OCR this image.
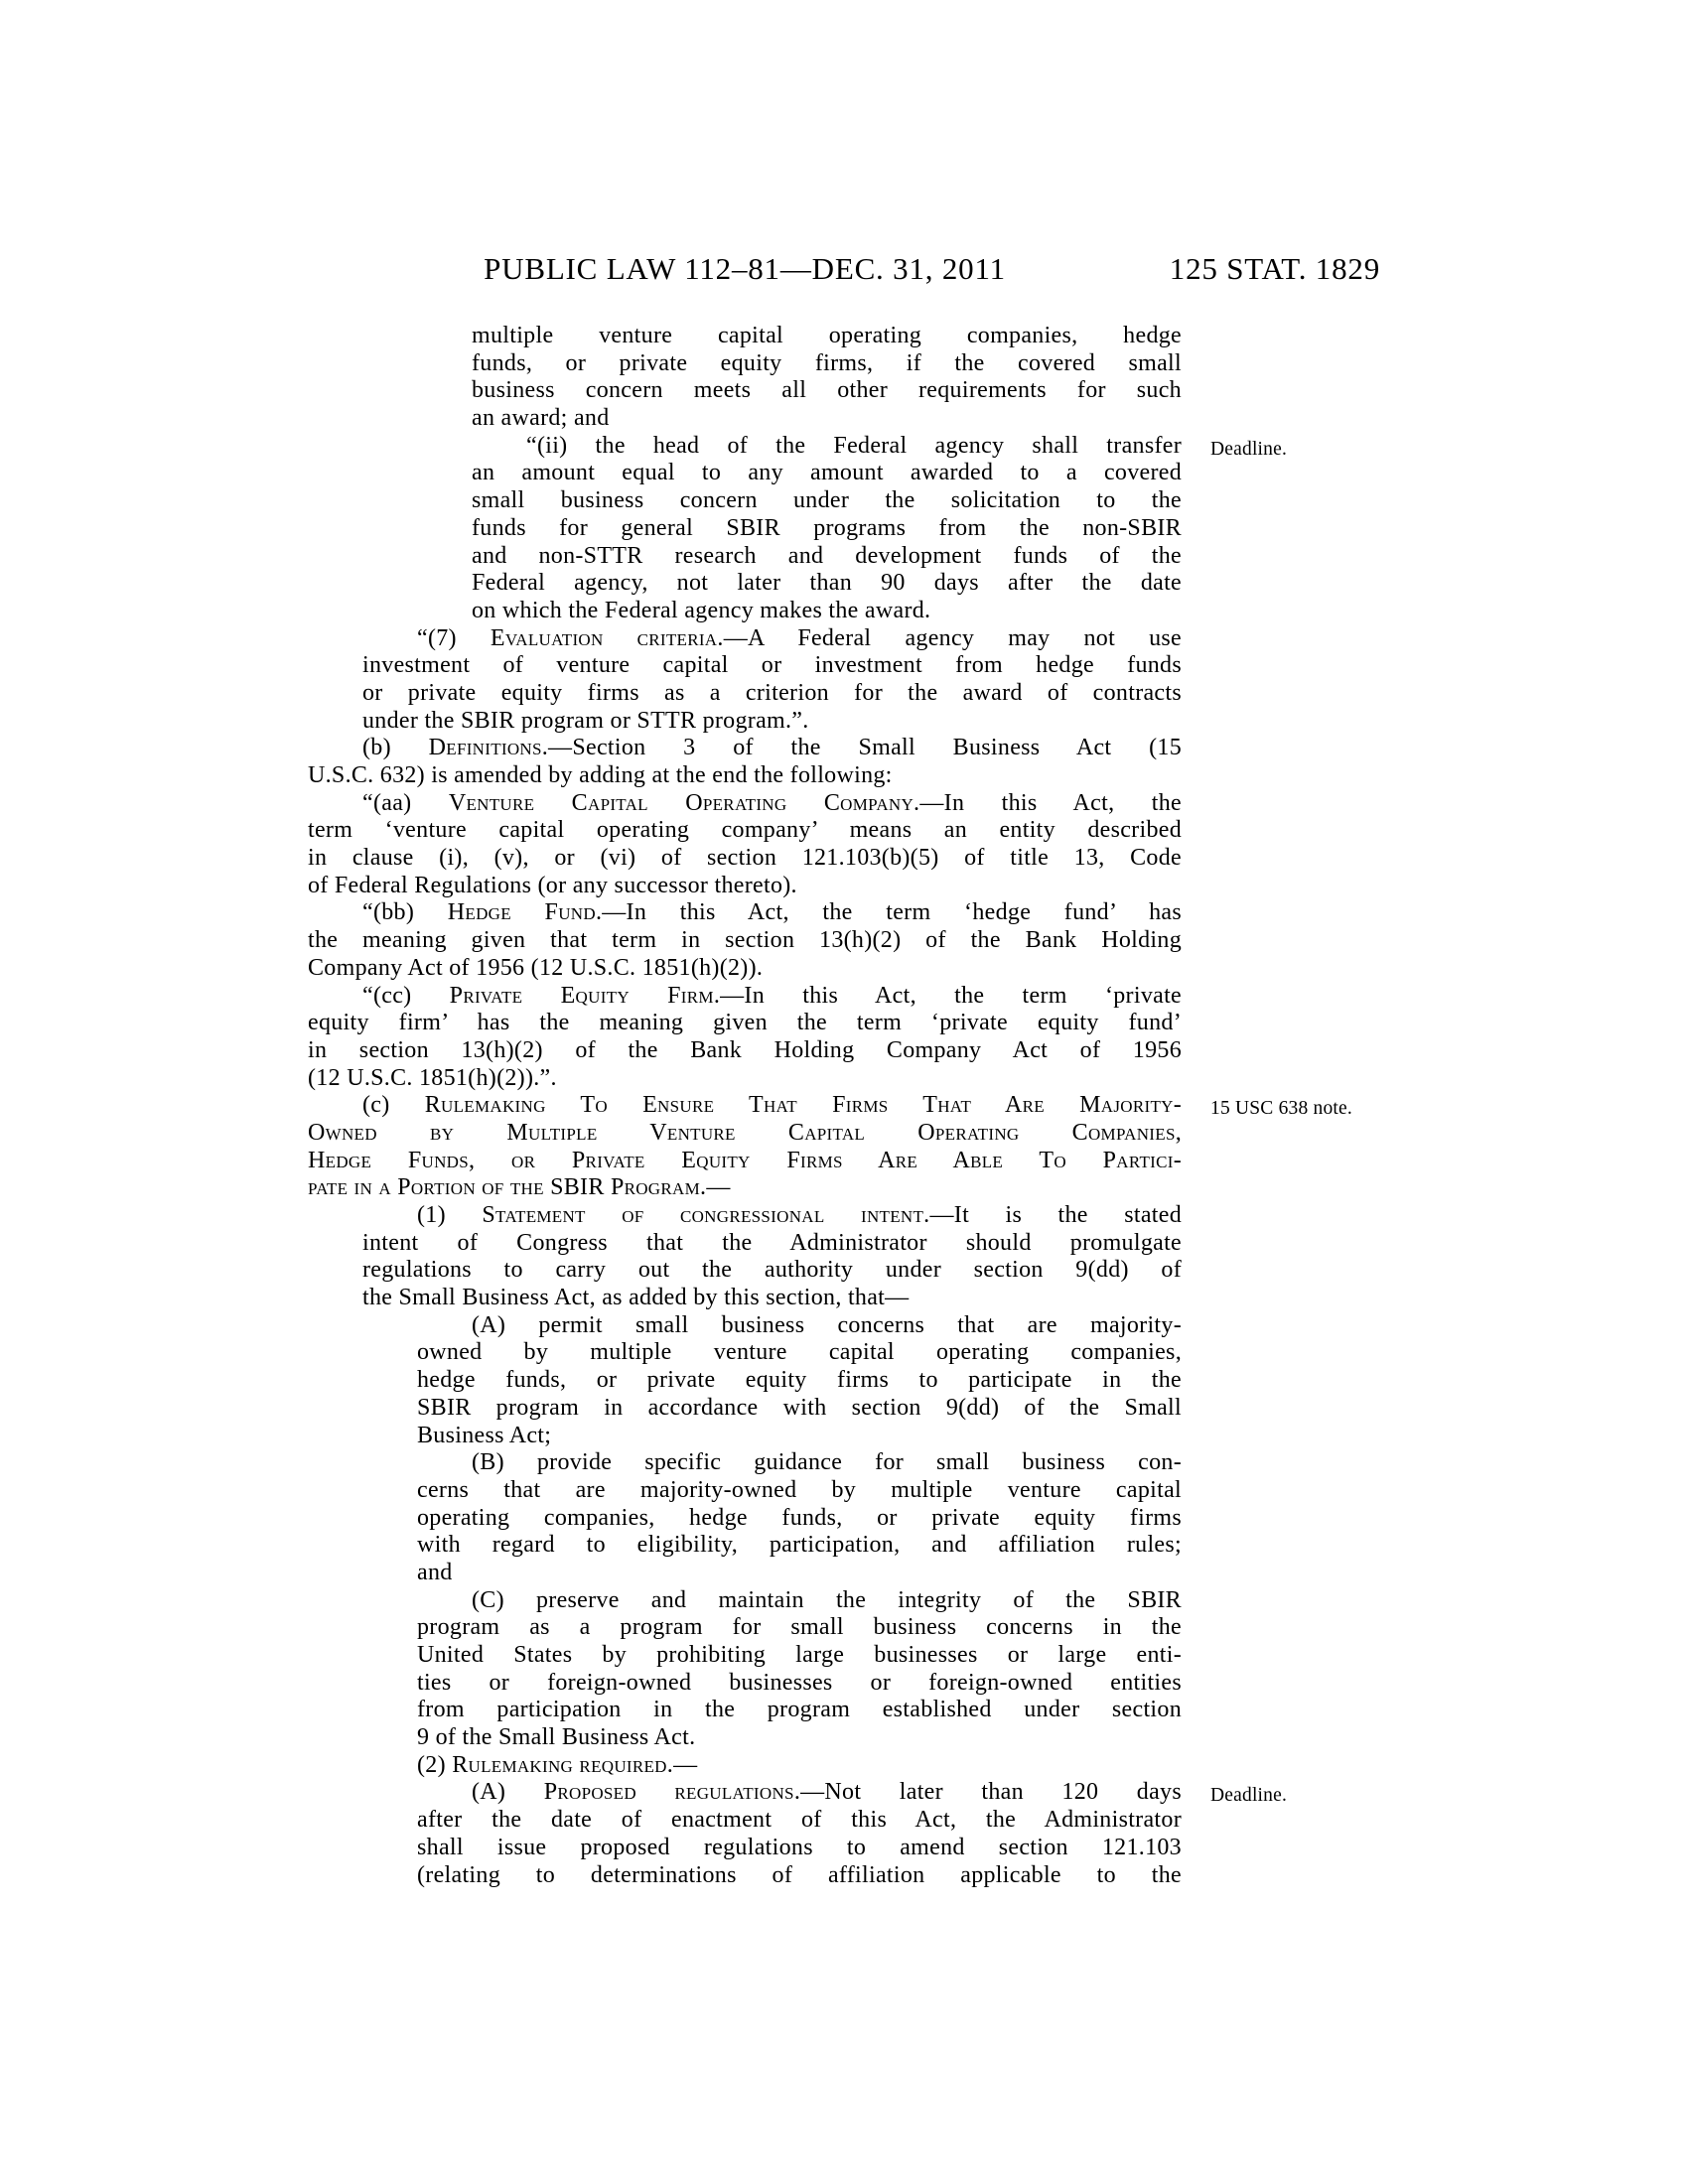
PUBLIC LAW 112–81—DEC. 31, 2011	125 STAT. 1829
multiple venture capital operating companies, hedge
funds, or private equity firms, if the covered small
business concern meets all other requirements for such
an award; and
“(ii) the head of the Federal agency shall transfer Deadline.
an amount equal to any amount awarded to a covered
small business concern under the solicitation to the
funds for general SBIR programs from the non-SBIR
and non-STTR research and development funds of the
Federal agency, not later than 90 days after the date
on which the Federal agency makes the award.
“(7) Evaluation criteria.—A Federal agency may not use
investment of venture capital or investment from hedge funds
or private equity firms as a criterion for the award of contracts
under the SBIR program or STTR program.”.
(b) Definitions.—Section 3 of the Small Business Act (15
U.S.C. 632) is amended by adding at the end the following:
“(aa) Venture Capital Operating Company.—In this Act, the
term ‘venture capital operating company’ means an entity described
in clause (i), (v), or (vi) of section 121.103(b)(5) of title 13, Code
of Federal Regulations (or any successor thereto).
“(bb) Hedge Fund.—In this Act, the term ‘hedge fund’ has
the meaning given that term in section 13(h)(2) of the Bank Holding
Company Act of 1956 (12 U.S.C. 1851(h)(2)).
“(cc) Private Equity Firm.—In this Act, the term ‘private
equity firm’ has the meaning given the term ‘private equity fund’
in section 13(h)(2) of the Bank Holding Company Act of 1956
(12 U.S.C. 1851(h)(2)).”.
(c) Rulemaking To Ensure That Firms That Are Majority- 15 USC 638 note.
Owned by Multiple Venture Capital Operating Companies,
Hedge Funds, or Private Equity Firms Are Able To Partici-
pate in a Portion of the SBIR Program.—
(1) Statement of congressional intent.—It is the stated
intent of Congress that the Administrator should promulgate
regulations to carry out the authority under section 9(dd) of
the Small Business Act, as added by this section, that—
(A) permit small business concerns that are majority-
owned by multiple venture capital operating companies,
hedge funds, or private equity firms to participate in the
SBIR program in accordance with section 9(dd) of the Small
Business Act;
(B) provide specific guidance for small business con-
cerns that are majority-owned by multiple venture capital
operating companies, hedge funds, or private equity firms
with regard to eligibility, participation, and affiliation rules;
and
(C) preserve and maintain the integrity of the SBIR
program as a program for small business concerns in the
United States by prohibiting large businesses or large enti-
ties or foreign-owned businesses or foreign-owned entities
from participation in the program established under section
9 of the Small Business Act.
(2) Rulemaking required.—
(A) Proposed regulations.—Not later than 120 days Deadline.
after the date of enactment of this Act, the Administrator
shall issue proposed regulations to amend section 121.103
(relating to determinations of affiliation applicable to the
